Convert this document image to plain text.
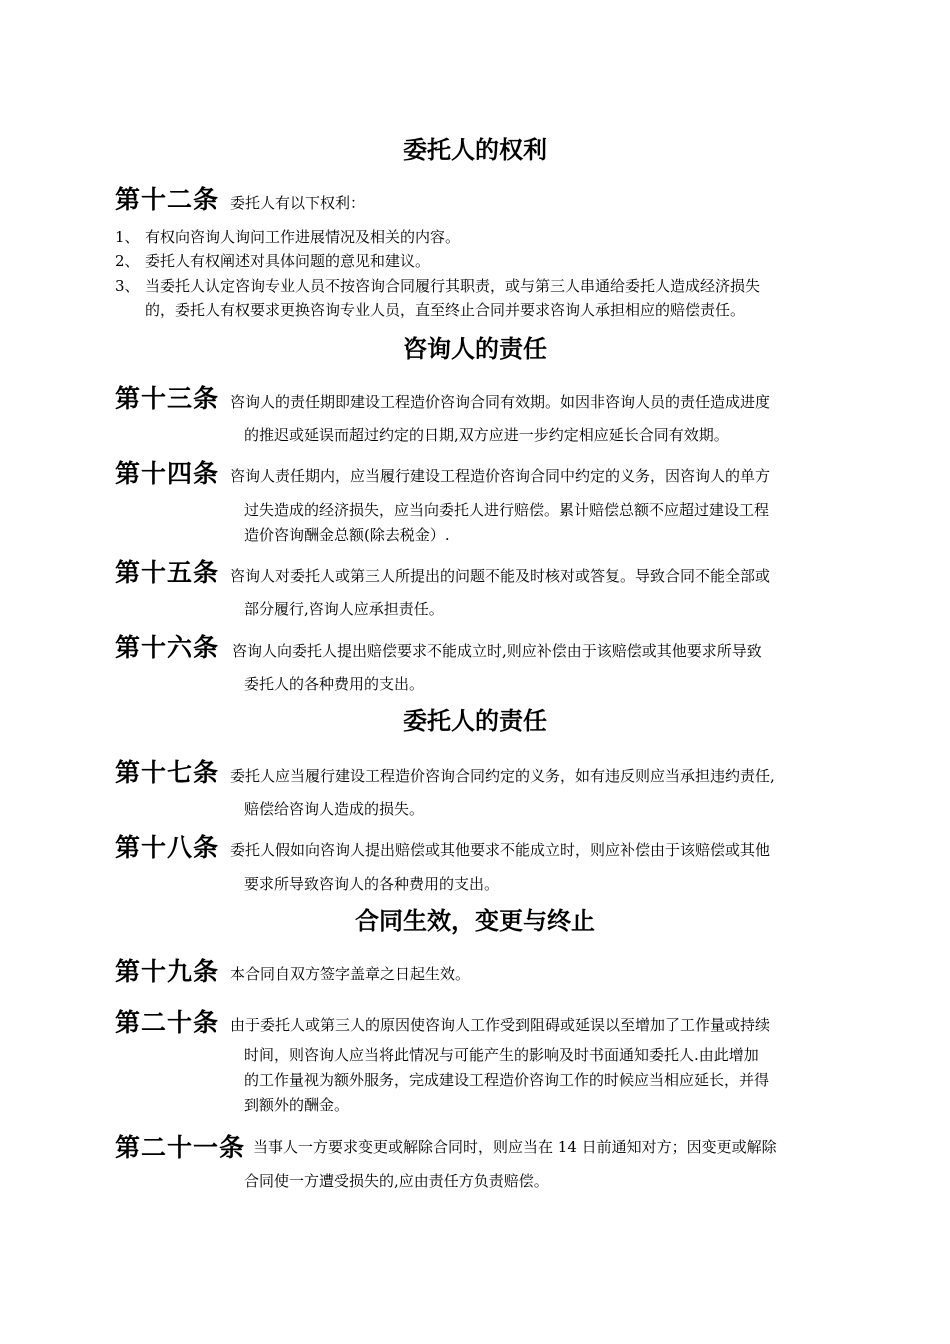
委托人的权利
第十二条 委托人有以下权利：
1、 有权向咨询人询问工作进展情况及相关的内容。
2、 委托人有权阐述对具体问题的意见和建议。
3、 当委托人认定咨询专业人员不按咨询合同履行其职责，或与第三人串通给委托人造成经济损失
的，委托人有权要求更换咨询专业人员，直至终止合同并要求咨询人承担相应的赔偿责任。
咨询人的责任
第十三条 咨询人的责任期即建设工程造价咨询合同有效期。如因非咨询人员的责任造成进度
的推迟或延误而超过约定的日期,双方应进一步约定相应延长合同有效期。
第十四条 咨询人责任期内，应当履行建设工程造价咨询合同中约定的义务，因咨询人的单方
过失造成的经济损失，应当向委托人进行赔偿。累计赔偿总额不应超过建设工程
造价咨询酬金总额(除去税金）.
第十五条 咨询人对委托人或第三人所提出的问题不能及时核对或答复。导致合同不能全部或
部分履行,咨询人应承担责任。
第十六条 咨询人向委托人提出赔偿要求不能成立时,则应补偿由于该赔偿或其他要求所导致
委托人的各种费用的支出。
委托人的责任
第十七条 委托人应当履行建设工程造价咨询合同约定的义务，如有违反则应当承担违约责任,
赔偿给咨询人造成的损失。
第十八条 委托人假如向咨询人提出赔偿或其他要求不能成立时，则应补偿由于该赔偿或其他
要求所导致咨询人的各种费用的支出。
合同生效，变更与终止
第十九条 本合同自双方签字盖章之日起生效。
第二十条 由于委托人或第三人的原因使咨询人工作受到阻碍或延误以至增加了工作量或持续
时间，则咨询人应当将此情况与可能产生的影响及时书面通知委托人.由此增加
的工作量视为额外服务，完成建设工程造价咨询工作的时候应当相应延长，并得
到额外的酬金。
第二十一条 当事人一方要求变更或解除合同时，则应当在 14 日前通知对方；因变更或解除
合同使一方遭受损失的,应由责任方负责赔偿。
